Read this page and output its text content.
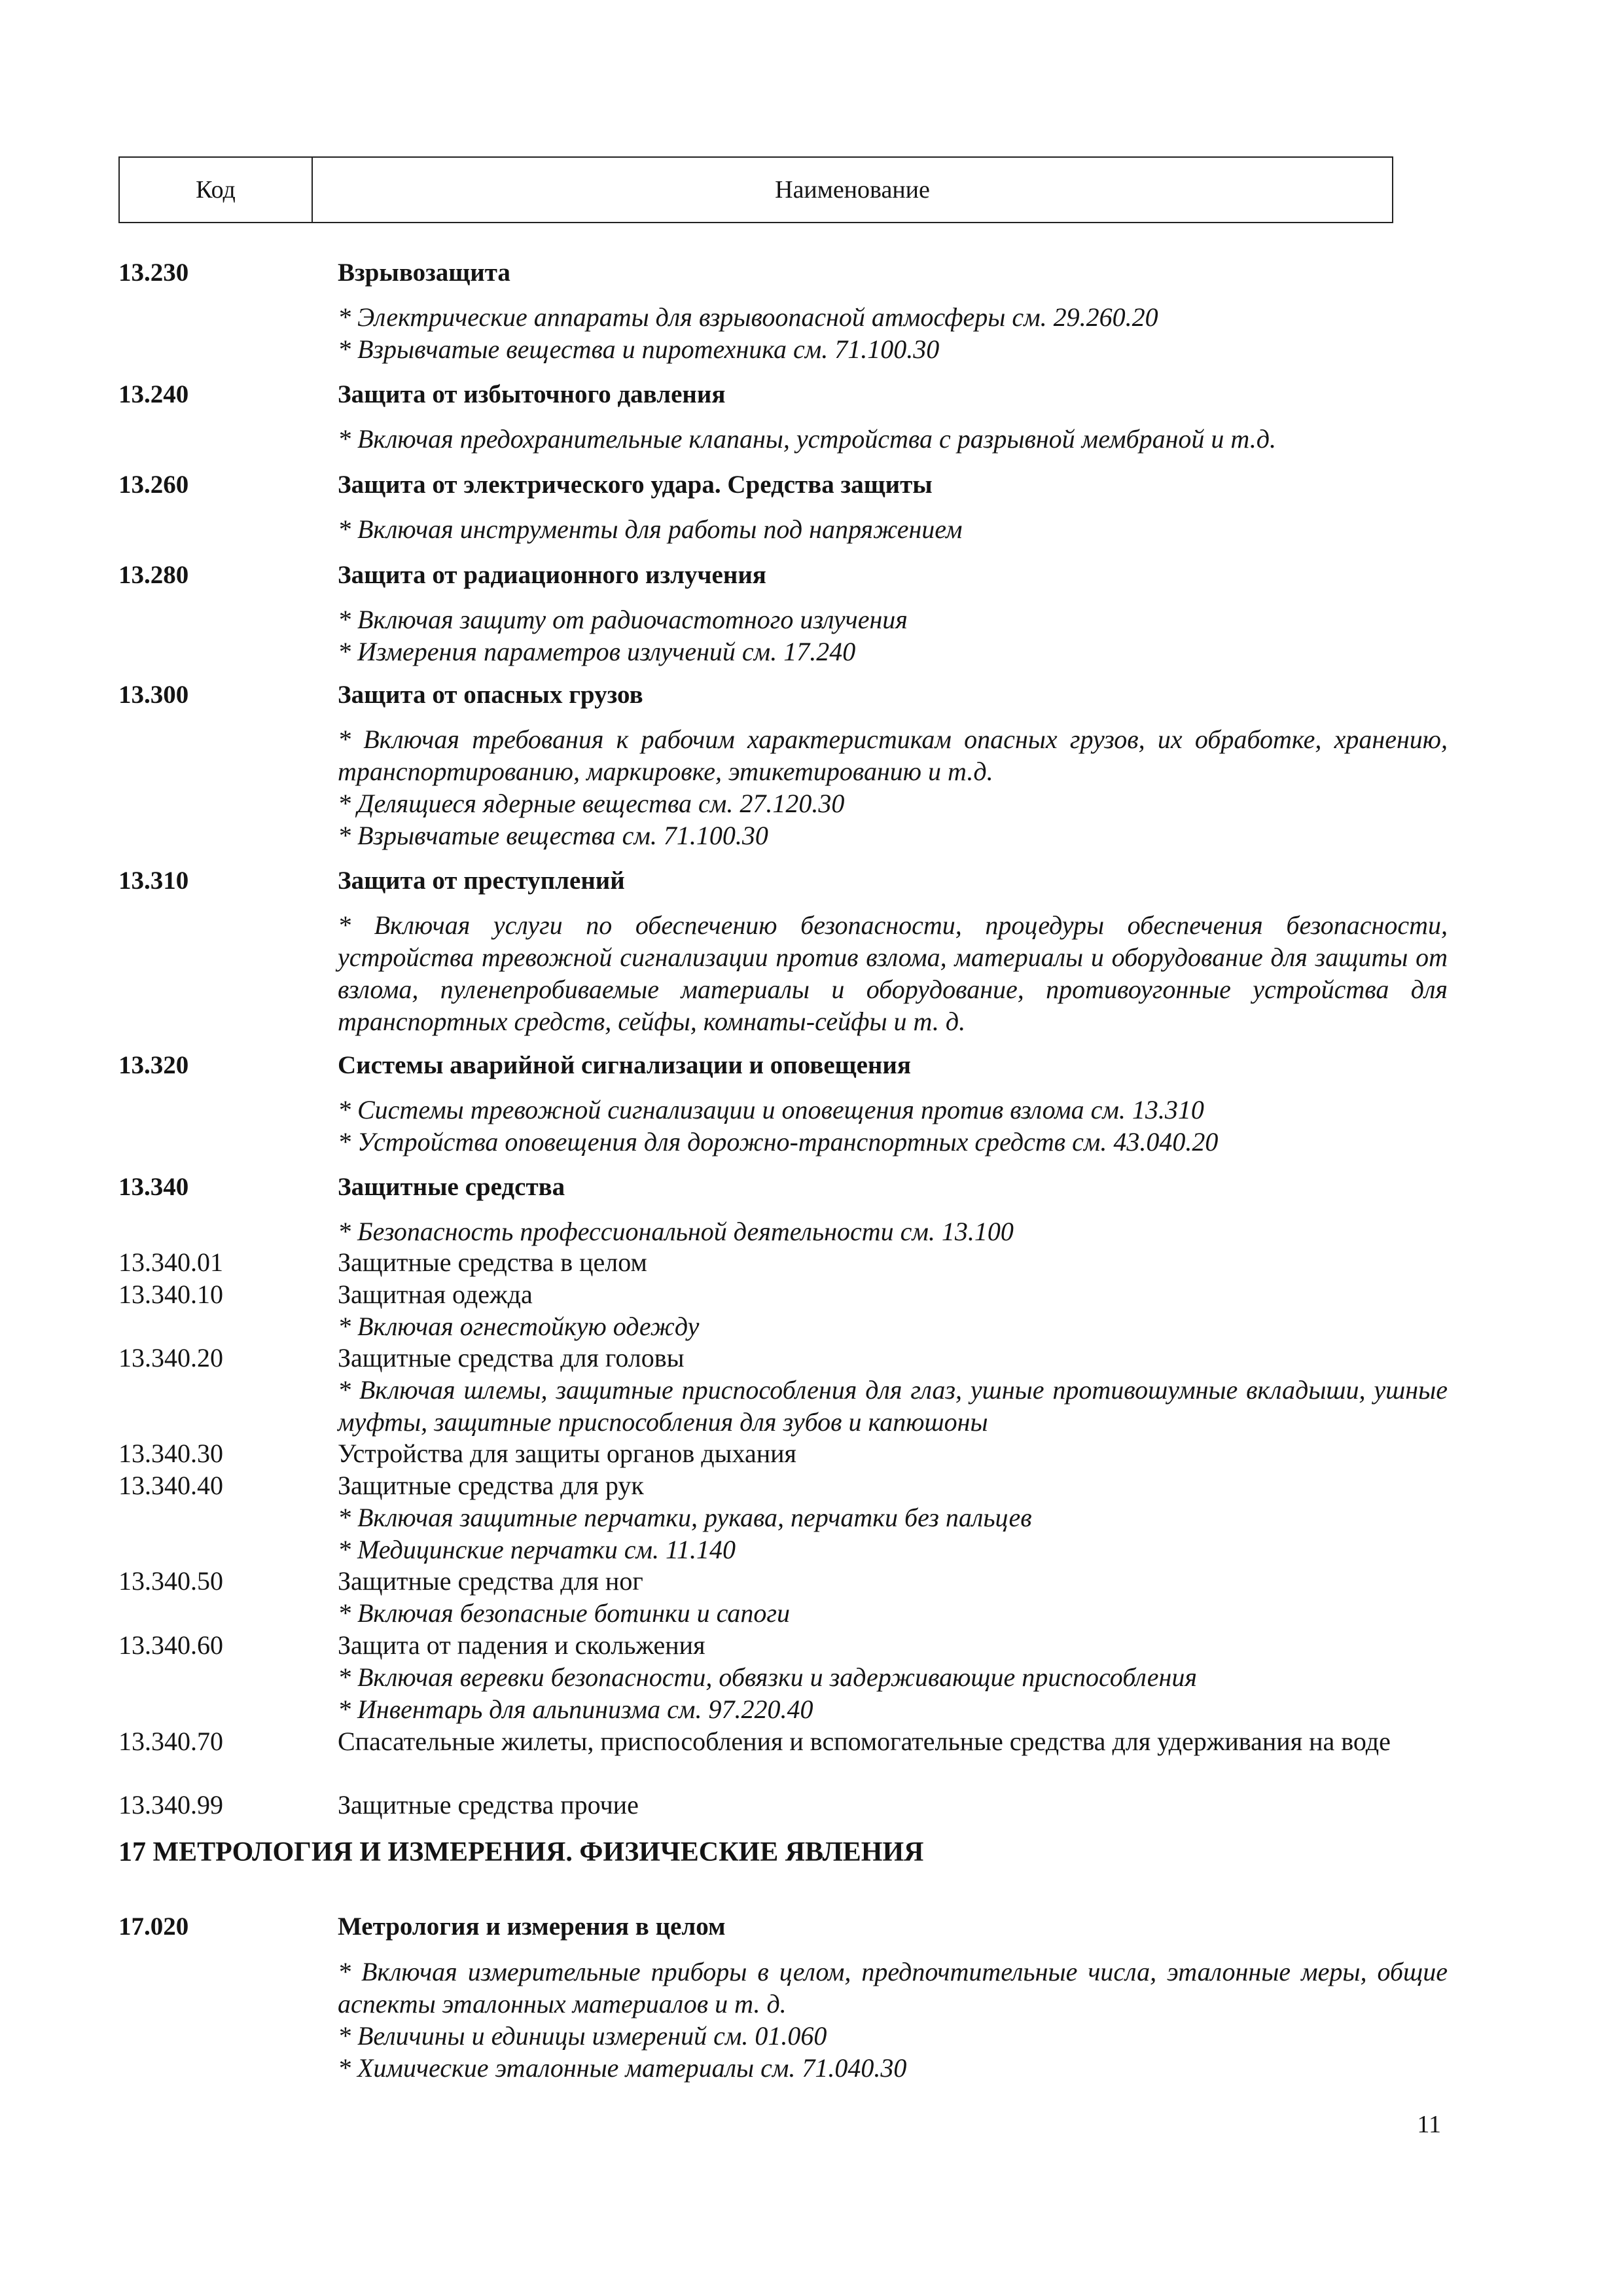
Код	Наименование
13.230	Взрывозащита
* Электрические аппараты для взрывоопасной атмосферы см. 29.260.20
* Взрывчатые вещества и пиротехника см. 71.100.30
13.240	Защита от избыточного давления
* Включая предохранительные клапаны, устройства с разрывной мембраной и т.д.
13.260	Защита от электрического удара. Средства защиты
* Включая инструменты для работы под напряжением
13.280	Защита от радиационного излучения
* Включая защиту от радиочастотного излучения
* Измерения параметров излучений см. 17.240
13.300	Защита от опасных грузов
* Включая требования к рабочим характеристикам опасных грузов, их обработке, хранению, транспортированию, маркировке, этикетированию и т.д.
* Делящиеся ядерные вещества см. 27.120.30
* Взрывчатые вещества см. 71.100.30
13.310	Защита от преступлений
* Включая услуги по обеспечению безопасности, процедуры обеспечения безопасности, устройства тревожной сигнализации против взлома, материалы и оборудование для защиты от взлома, пуленепробиваемые материалы и оборудование, противоугонные устройства для транспортных средств, сейфы, комнаты-сейфы и т. д.
13.320	Системы аварийной сигнализации и оповещения
* Системы тревожной сигнализации и оповещения против взлома см. 13.310
* Устройства оповещения для дорожно-транспортных средств см. 43.040.20
13.340	Защитные средства
* Безопасность профессиональной деятельности см. 13.100
13.340.01	Защитные средства в целом
13.340.10	Защитная одежда
* Включая огнестойкую одежду
13.340.20	Защитные средства для головы
* Включая шлемы, защитные приспособления для глаз, ушные противошумные вкладыши, ушные муфты, защитные приспособления для зубов и капюшоны
13.340.30	Устройства для защиты органов дыхания
13.340.40	Защитные средства для рук
* Включая защитные перчатки, рукава, перчатки без пальцев
* Медицинские перчатки см. 11.140
13.340.50	Защитные средства для ног
* Включая безопасные ботинки и сапоги
13.340.60	Защита от падения и скольжения
* Включая веревки безопасности, обвязки и задерживающие приспособления
* Инвентарь для альпинизма см. 97.220.40
13.340.70	Спасательные жилеты, приспособления и вспомогательные средства для удерживания на воде
13.340.99	Защитные средства прочие
17 МЕТРОЛОГИЯ И ИЗМЕРЕНИЯ. ФИЗИЧЕСКИЕ ЯВЛЕНИЯ
17.020	Метрология и измерения в целом
* Включая измерительные приборы в целом, предпочтительные числа, эталонные меры, общие аспекты эталонных материалов и т. д.
* Величины и единицы измерений см. 01.060
* Химические эталонные материалы см. 71.040.30
11
